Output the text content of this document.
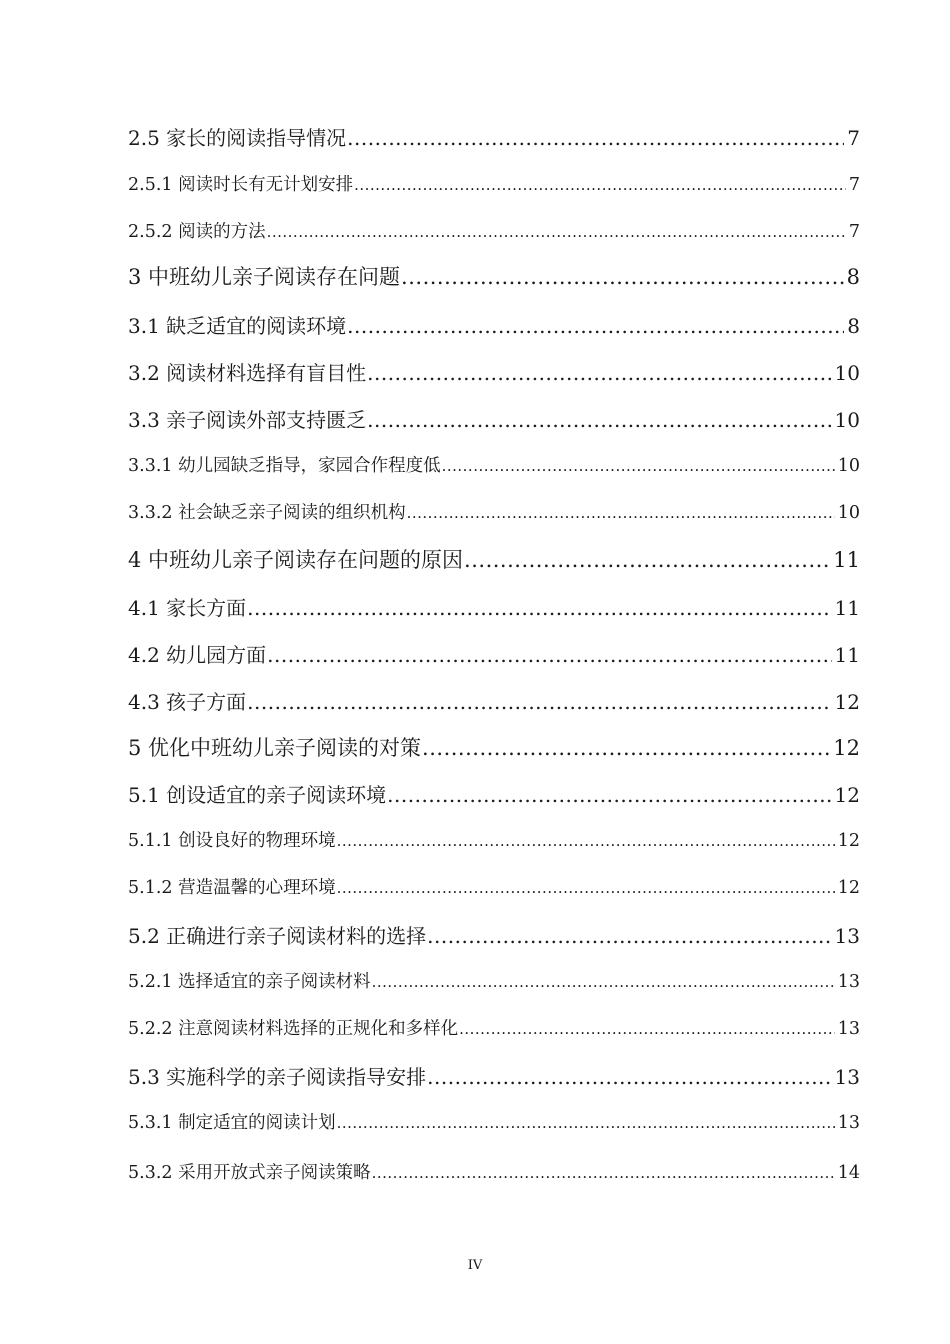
2.5 家长的阅读指导情况 .....	7
2.5.1 阅读时长有无计划安排 .....	7
2.5.2 阅读的方法 .....	7
3 中班幼儿亲子阅读存在问题 .....	8
3.1 缺乏适宜的阅读环境 .....	8
3.2 阅读材料选择有盲目性 .....	10
3.3 亲子阅读外部支持匮乏 .....	10
3.3.1 幼儿园缺乏指导，家园合作程度低 .....	10
3.3.2 社会缺乏亲子阅读的组织机构 .....	10
4 中班幼儿亲子阅读存在问题的原因 .....	11
4.1 家长方面 .....	11
4.2 幼儿园方面 .....	11
4.3 孩子方面 .....	12
5 优化中班幼儿亲子阅读的对策 .....	12
5.1 创设适宜的亲子阅读环境 .....	12
5.1.1 创设良好的物理环境 .....	12
5.1.2 营造温馨的心理环境 .....	12
5.2 正确进行亲子阅读材料的选择 .....	13
5.2.1 选择适宜的亲子阅读材料 .....	13
5.2.2 注意阅读材料选择的正规化和多样化 .....	13
5.3 实施科学的亲子阅读指导安排 .....	13
5.3.1 制定适宜的阅读计划 .....	13
5.3.2 采用开放式亲子阅读策略 .....	14
IV
